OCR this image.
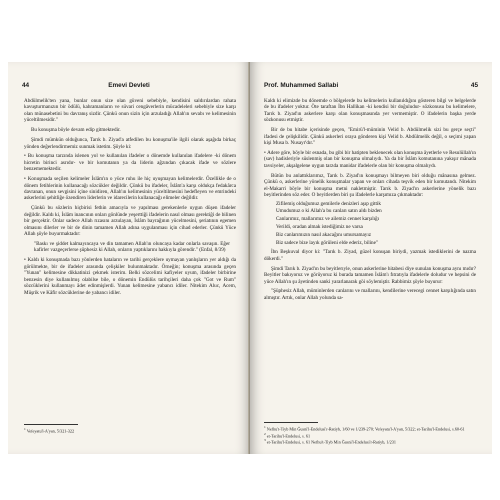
44	Emevi Devleti

Abdülmelik'ten yana, bunlar onun size olan güveni sebebiyle, kendisini saldırılardan rahata kavuşturmanızın bir ödülü, kahramanların ve süvari cengâverlerin mücadeleleri sebebiyle size karşı olan münasebetini bu davranış sizdir. Çünkü onun sizin için arzuladığı Allah'ın sevabı ve kelimesinin yüceltilmesidir."

Bu konuşma böyle devam edip gitmektedir.

Şimdi mümkün olduğunca, Tarık b. Ziyad'a atfedilen bu konuşma'ile ilgili olarak aşağıda birkaç yönden değerlendirmemiz sunmak istetim. Şöyle ki:

• Bu konuşma tarzında islenen yol ve kullanılan ifadeler o dönemde kullanılan ifadelere -ki dönem hicretin birinci asrıdır- ve bir komutanın ya da liderin ağzından çıkacak ifade ve sözlere benzememektedir.

• Konuşmada seçilen kelimeler İslâm'ın o yüce ruhu ile hiç uyuşmayan kelimelerdir. Özellikle de o dönem fetihlerinin kullanacağı sözcükler değildir. Çünkü bu ifadeler, İslâm'a karşı oldukça fedakârca davranan, onun sevgisini içine sinidiren, Allah'ın kelimesinin yüceltilmesini hedefleyen ve emrindeki askerlerini şehitliğe özendiren liderlerin ve idarecilerin kullanacağı elimeler değildir.

Çünkü bu sözlerin hiçbirisi fethin amacıyla ve yapılması gerekenlerle uygun düşen ifadeler değildir. Kaldı ki, İslâm inancının onları gönlünde yeşerttiği ifadelerin nasıl olması gerektiği de bilinen bir gerçektir. Onlar sadece Allah rızasını arzulayan, İslâm bayrağının yücelmesini, şeriatının egemen olmasını dilerler ve bir de dinin tamamen Allah adına uygulanması için cihad ederler. Çünkü Yüce Allah şöyle buyurmaktadır:

"Baskı ve şiddet kalmayıncaya ve din tamamen Allah'ın oluncaya kadar onlarla savaşın. Eğer kafirler vazgeçerlerse şüphesiz ki Allah, onların yaptıklarını hakkıyla görendir." (Enfal, 8/39)

• Kaldı ki konuşmada bazı yönlerden hataların ve tarihi gerçeklere uymayan yanlışların yer aldığı da görülmekte, bir de ifadeler arasında çelişkiler bulunmaktadır. Örneğin; konuşma arasında geçen "Yunan" kelimesine dikkatinizi çekmek isterim. Belki sözcelimi kafiyeler uyum, ifadeler birbirine benzesin diye kullanılmış olabilse bile, o dönemin Endülüs tarihçileri daha çok "Got ve Rum" sözcüklerini kullanmayı âdet edinmişlerdi. Yunan kelimesine yabancı idiler. Nitekim Aluc, Acem, Müşrik ve Kâfir sözcüklerine de yabancı idiler.

$^1$ Vefeyatu'l-A'yan, 5/321-322
Prof. Muhammed Sallabi	45

Kaldı ki elimizde bu dönemde o bölgelerde bu kelimelerin kullanıldığını gösteren bilgi ve belgelerde de bu ifadeler yoktur. Öte taraftan İbn Hallikan -ki kendisi bir doğuludur- sözkonusu bu kelimelere, Tarık b. Ziyad'ın askerlere karşı olan konuşmasında yer vermemiştir. O ifadelerin başka yerde sözkonusu etmiştir.

Bir de bu hitabe içerisinde geçen, "Emirü'l-müminin Velid b. Abdülmelik sizi bu gerçe seçti" ifadesi de çelişkilidir. Çünkü askerleri oraya gönderen kişi Velid b. Abdülmelik değil, o seçimi yapan kişi Musa b. Nusayr'dır."

• Adere göre, böyle bir esnada, bu gibi bir hatipten beklenecek olan konuşma âyetlerle ve Resulüllah'ın (sav) hadisleriyle süslenmiş olan bir konuşma olmalıydı. Ya da bir İslâm komutanına yakışır mânada tavsiyeler, akşalgelene uygun tarzda manidar ifadelerle olan bir konuşma olmalıydı.

Bütün bu anlattıklarımız, Tarık b. Ziyad'ın konuşmayı bilmeyen biri olduğu mânasına gelmez. Çünkü o, askerlerine yönelik konuşmalar yapan ve onları cihada teşvik eden bir komutandı. Nitekim el-Makarri böyle bir konuşma metni nakletmiştir. Tarık b. Ziyad'ın askerlerine yönelik bazı beyitlerinden söz eder. O beyitlerden biri şu ifadelerle karşımıza çıkmaktadır:

Zifilemiş olduğumuz gemilerle denizleri aşıp gittik
Umudumuz o ki Allah'a bu canları satın aldı bizden
Canlarımız, mallarımız ve ailemiz cennet karşılığı
Verildi, oradan almak istediğimiz ne varsa
Biz canlarımızın nasıl akacağını umursamayız
Biz sadece bize layık görüleni elde ederiz, biline"

İbn Beşkuval diyor ki: "Tarık b. Ziyad, güzel konuşan biriydi, yazmak istediklerini de nazma dökerdi."

Şimdi Tarık b. Ziyad'ın bu beyitlerıyle, onun askerlerine hitabesi diye sunulan konuşma aynı mıdır? Beyitler bakıyoruz ve görüyoruz ki burada tamamen İslâm'ı fıtratıyla ifadelerle doludur ve hepsini de yüce Allah'ın şu âyetinden sanki yararlanarak göi söylemiştir. Rabbimiz şöyle buyurur:

"Şüphesiz Allah, müminlerden canlarını ve mallarını, kendilerine verecegi cennet karşılığında satın almıştır. Artık, onlar Allah yolunda sa-

$^1$ Nefhu't-Tiyb Min Ğusni'l-Endelusi'r-Ratiyb, 1/60 ve 1/239-270; Vefeyatu'l-A'yan, 5/322; et-Tarihu'l-Endelusi, s.60-61
$^2$ et-Tarihu'l-Endelusi, s. 61
$^3$ et-Tarihu'l-Endelusi, s. 61 Nefhu't-Tiyb Min Ğusni'l-Endelusi'r-Ratiyb, 1/231
